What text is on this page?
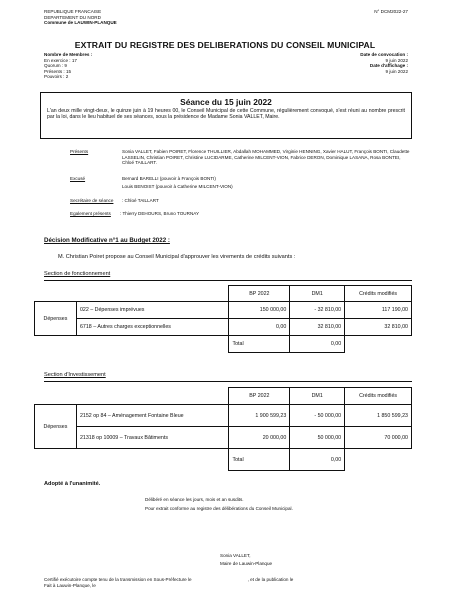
REPUBLIQUE FRANCAISE
DEPARTEMENT DU NORD
Commune de LAUWIN-PLANQUE
N° DCM2022-27
EXTRAIT DU REGISTRE DES DELIBERATIONS DU CONSEIL MUNICIPAL
Nombre de Membres :
En exercice : 17
Quorum : 9
Présents : 15
Pouvoirs : 2
Date de convocation :
9 juin 2022
Date d'affichage :
9 juin 2022
Séance du 15 juin 2022
L'an deux mille vingt-deux, le quinze juin à 19 heures 00, le Conseil Municipal de cette Commune, régulièrement convoqué, s'est réuni au nombre prescrit par la loi, dans le lieu habituel de ses séances, sous la présidence de Madame Sonia VALLET, Maire.
Présents	Sonia VALLET, Fabien POIRET, Florence THUILLIER, Abdallah MOHAMMED, Virginie HENNING, Xavier HALUT, François BONTI, Claudette LASSELIN, Christian POIRET, Christine LUCIDARME, Catherine MILCENT-VION, Fabrice DERON, Dominique LASANA, Rosa BONTEI, Chloé TAILLART.
Excusé	Bernard BARELLI (pouvoir à François BONTI)
Louis BENOIST (pouvoir à Catherine MILCENT-VION)
Secrétaire de séance : Chloé TAILLART
Egalement présents : Thierry DEHOURS, Bruno TOURNAY
Décision Modificative n°1 au Budget 2022 :
M. Christian Poiret propose au Conseil Municipal d'approuver les virements de crédits suivants :
Section de fonctionnement
		BP 2022	DM1	Crédits modifiés
Dépenses	022 – Dépenses imprévues	150 000,00	- 32 810,00	117 190,00
	6718 – Autres charges exceptionnelles	0,00	32 810,00	32 810,00
		Total	0,00	
Section d'Investissement
		BP 2022	DM1	Crédits modifiés
Dépenses	2152 op 84 – Aménagement Fontaine Bleue	1 900 599,23	- 50 000,00	1 850 599,23
	21318 op 10009 – Travaux Bâtiments	20 000,00	50 000,00	70 000,00
		Total	0,00	
Adopté à l'unanimité.
Délibéré en séance les jours, mois et an susdits.
Pour extrait conforme au registre des délibérations du Conseil Municipal.
Sonia VALLET,
Maire de Lauwin-Planque
Certifié exécutoire compte tenu de la transmission en Sous-Préfecture le	, et de la publication le
Fait à Lauwin-Planque, le
